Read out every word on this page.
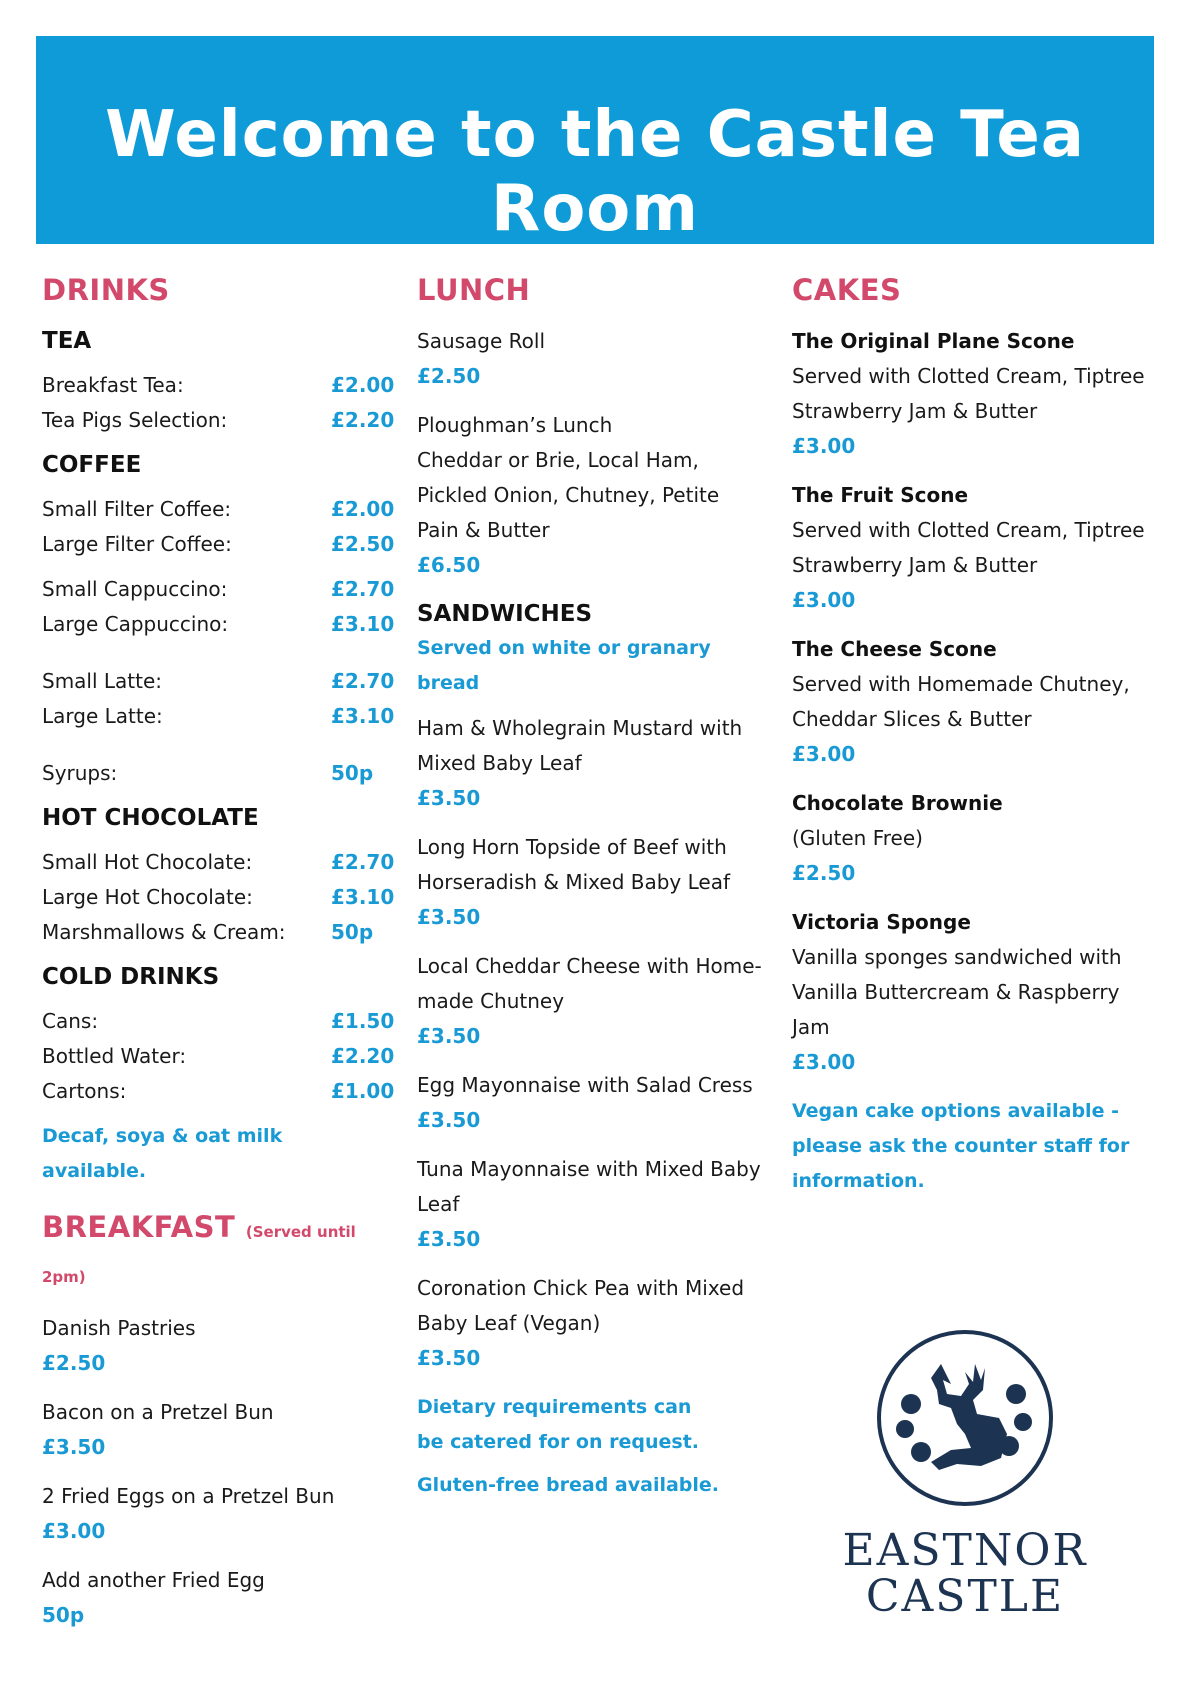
Welcome to the Castle Tea Room
DRINKS
TEA
Breakfast Tea:	£2.00
Tea Pigs Selection:	£2.20
COFFEE
Small Filter Coffee:	£2.00
Large Filter Coffee:	£2.50
Small Cappuccino:	£2.70
Large Cappuccino:	£3.10
Small Latte:	£2.70
Large Latte:	£3.10
Syrups:	50p
HOT CHOCOLATE
Small Hot Chocolate:	£2.70
Large Hot Chocolate:	£3.10
Marshmallows & Cream: 50p
COLD DRINKS
Cans:	£1.50
Bottled Water:	£2.20
Cartons:	£1.00
Decaf, soya & oat milk available.
BREAKFAST (Served until 2pm)
Danish Pastries
£2.50
Bacon on a Pretzel Bun
£3.50
2 Fried Eggs on a Pretzel Bun
£3.00
Add another Fried Egg
50p
LUNCH
Sausage Roll
£2.50
Ploughman’s Lunch
Cheddar or Brie, Local Ham, Pickled Onion, Chutney, Petite Pain & Butter
£6.50
SANDWICHES
Served on white or granary bread
Ham & Wholegrain Mustard with Mixed Baby Leaf
£3.50
Long Horn Topside of Beef with Horseradish & Mixed Baby Leaf
£3.50
Local Cheddar Cheese with Home-made Chutney
£3.50
Egg Mayonnaise with Salad Cress
£3.50
Tuna Mayonnaise with Mixed Baby Leaf
£3.50
Coronation Chick Pea with Mixed Baby Leaf (Vegan)
£3.50
Dietary requirements can be catered for on request.
Gluten-free bread available.
CAKES
The Original Plane Scone
Served with Clotted Cream, Tiptree Strawberry Jam & Butter
£3.00
The Fruit Scone
Served with Clotted Cream, Tiptree Strawberry Jam & Butter
£3.00
The Cheese Scone
Served with Homemade Chutney, Cheddar Slices & Butter
£3.00
Chocolate Brownie
(Gluten Free)
£2.50
Victoria Sponge
Vanilla sponges sandwiched with Vanilla Buttercream & Raspberry Jam
£3.00
Vegan cake options available - please ask the counter staff for information.
EASTNOR
CASTLE
